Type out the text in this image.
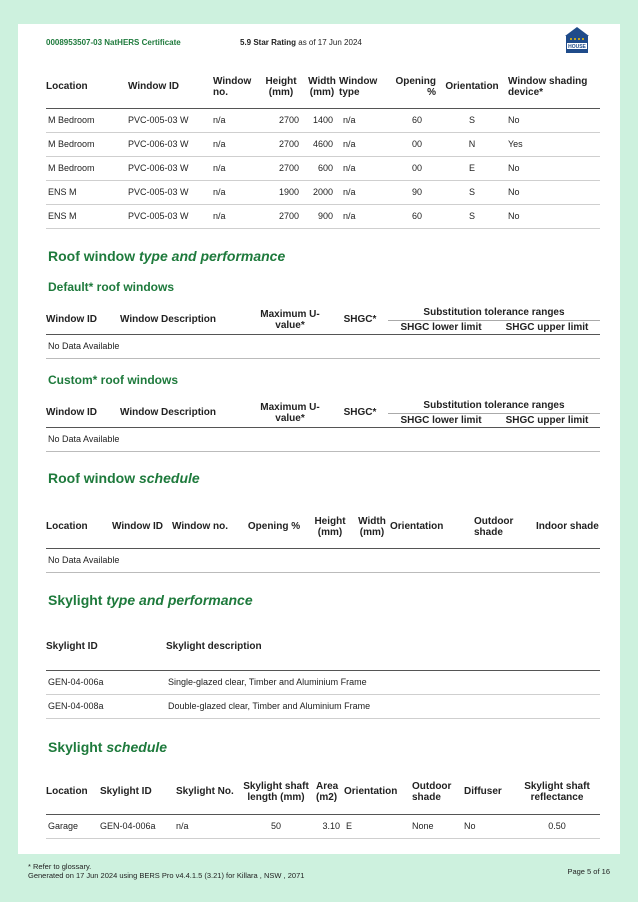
0008953507-03 NatHERS Certificate	5.9 Star Rating as of 17 Jun 2024	HOUSE
Location	Window ID	Window no.	Height (mm)	Width (mm)	Window type	Opening %	Orientation	Window shading device*
M Bedroom	PVC-005-03 W	n/a	2700	1400	n/a	60	S	No
M Bedroom	PVC-006-03 W	n/a	2700	4600	n/a	00	N	Yes
M Bedroom	PVC-006-03 W	n/a	2700	600	n/a	00	E	No
ENS M	PVC-005-03 W	n/a	1900	2000	n/a	90	S	No
ENS M	PVC-005-03 W	n/a	2700	900	n/a	60	S	No
Roof window type and performance
Default* roof windows
Window ID	Window Description	Maximum U-value*	SHGC*	Substitution tolerance ranges	
				SHGC lower limit	SHGC upper limit
No Data Available					
Custom* roof windows
Window ID	Window Description	Maximum U-value*	SHGC*	Substitution tolerance ranges	
				SHGC lower limit	SHGC upper limit
No Data Available					
Roof window schedule
Location	Window ID	Window no.	Opening %	Height (mm)	Width (mm)	Orientation	Outdoor shade	Indoor shade
No Data Available
Skylight type and performance
Skylight ID	Skylight description
GEN-04-006a	Single-glazed clear, Timber and Aluminium Frame
GEN-04-008a	Double-glazed clear, Timber and Aluminium Frame
Skylight schedule
Location	Skylight ID	Skylight No.	Skylight shaft length (mm)	Area (m2)	Orientation	Outdoor shade	Diffuser	Skylight shaft reflectance
Garage	GEN-04-006a	n/a	50	3.10	E	None	No	0.50
* Refer to glossary.
Generated on 17 Jun 2024 using BERS Pro v4.4.1.5 (3.21) for Killara , NSW , 2071	Page 5 of 16
